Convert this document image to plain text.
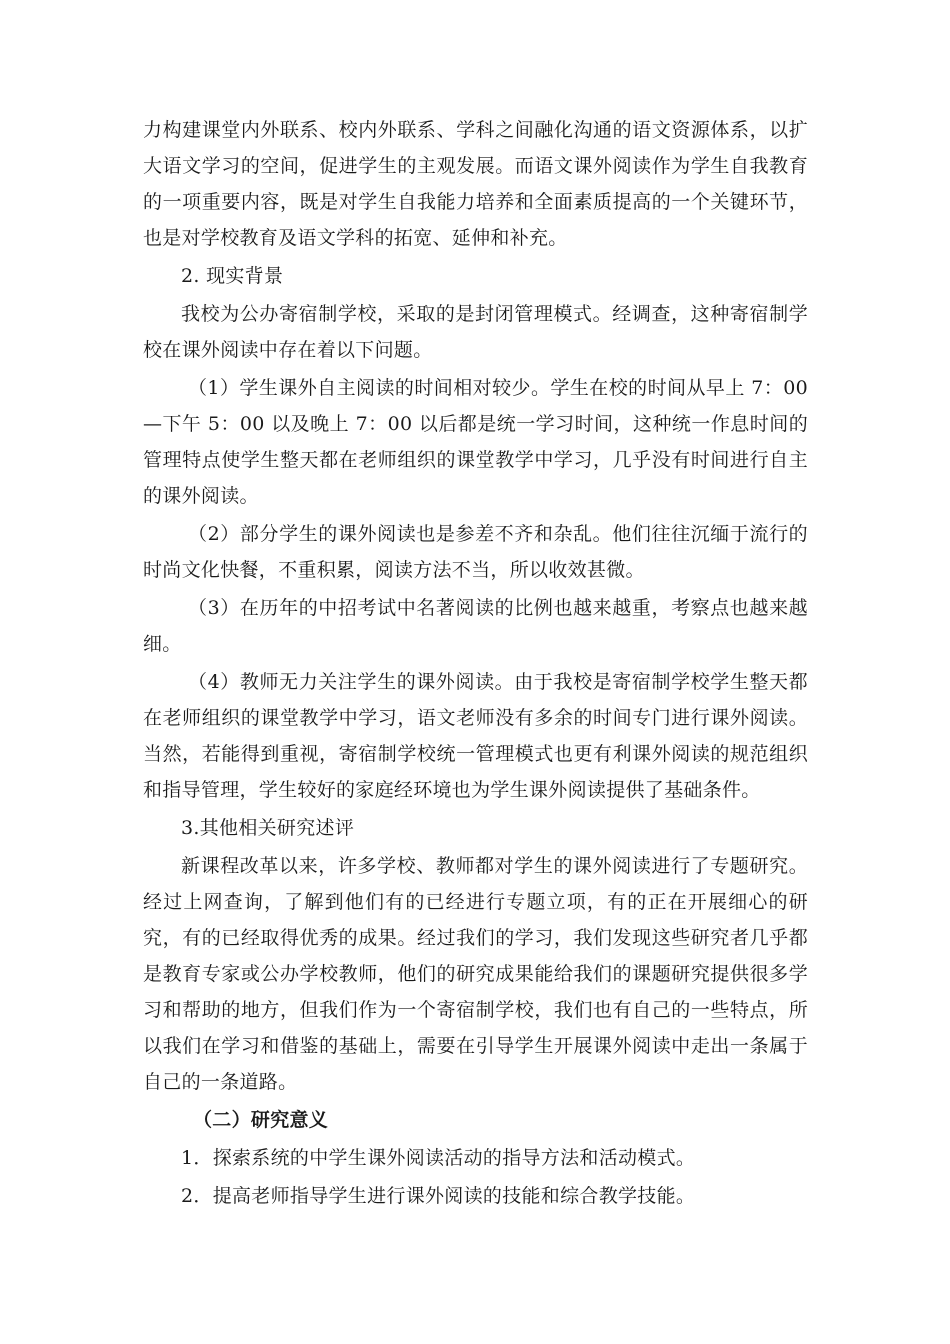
力构建课堂内外联系、校内外联系、学科之间融化沟通的语文资源体系，以扩大语文学习的空间，促进学生的主观发展。而语文课外阅读作为学生自我教育的一项重要内容，既是对学生自我能力培养和全面素质提高的一个关键环节，也是对学校教育及语文学科的拓宽、延伸和补充。

2. 现实背景

我校为公办寄宿制学校，采取的是封闭管理模式。经调查，这种寄宿制学校在课外阅读中存在着以下问题。

（1）学生课外自主阅读的时间相对较少。学生在校的时间从早上 7：00—下午 5：00 以及晚上 7：00 以后都是统一学习时间，这种统一作息时间的管理特点使学生整天都在老师组织的课堂教学中学习，几乎没有时间进行自主的课外阅读。

（2）部分学生的课外阅读也是参差不齐和杂乱。他们往往沉缅于流行的时尚文化快餐，不重积累，阅读方法不当，所以收效甚微。

（3）在历年的中招考试中名著阅读的比例也越来越重，考察点也越来越细。

（4）教师无力关注学生的课外阅读。由于我校是寄宿制学校学生整天都在老师组织的课堂教学中学习，语文老师没有多余的时间专门进行课外阅读。当然，若能得到重视，寄宿制学校统一管理模式也更有利课外阅读的规范组织和指导管理，学生较好的家庭经环境也为学生课外阅读提供了基础条件。

3.其他相关研究述评

新课程改革以来，许多学校、教师都对学生的课外阅读进行了专题研究。经过上网查询，了解到他们有的已经进行专题立项，有的正在开展细心的研究，有的已经取得优秀的成果。经过我们的学习，我们发现这些研究者几乎都是教育专家或公办学校教师，他们的研究成果能给我们的课题研究提供很多学习和帮助的地方，但我们作为一个寄宿制学校，我们也有自己的一些特点，所以我们在学习和借鉴的基础上，需要在引导学生开展课外阅读中走出一条属于自己的一条道路。

（二）研究意义

1．探索系统的中学生课外阅读活动的指导方法和活动模式。

2．提高老师指导学生进行课外阅读的技能和综合教学技能。
